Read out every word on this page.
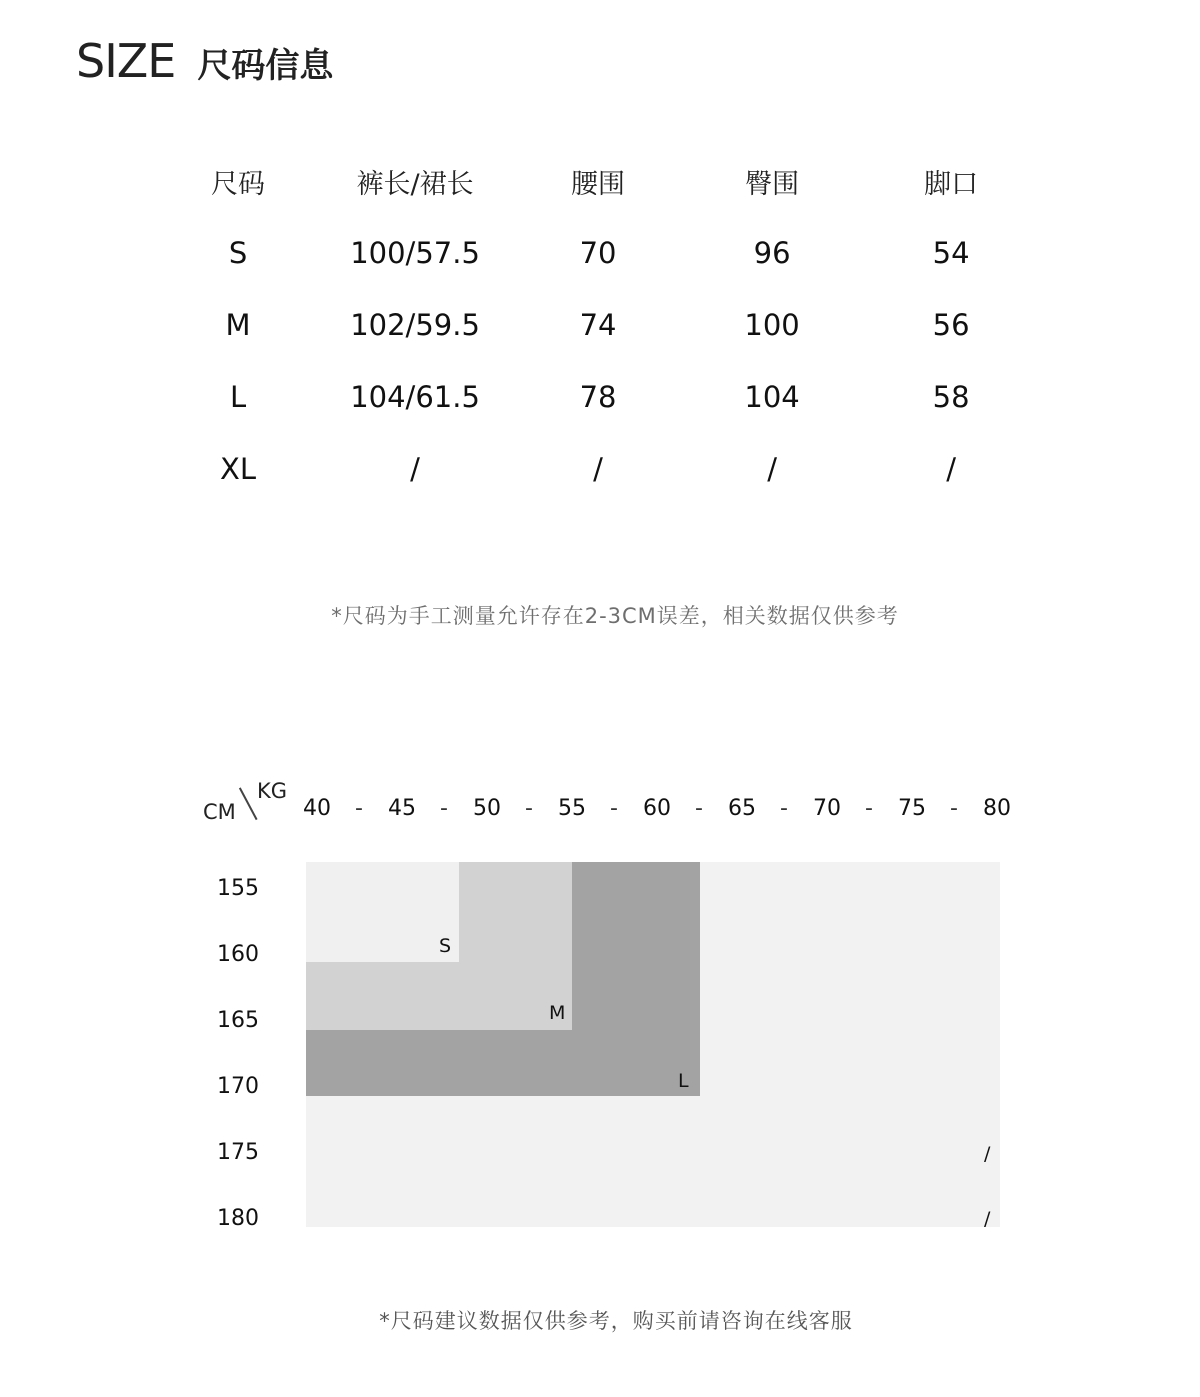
SIZE 尺码信息
尺码	裤长/裙长	腰围	臀围	脚口
S	100/57.5	70	96	54
M	102/59.5	74	100	56
L	104/61.5	78	104	58
XL	/	/	/	/
*尺码为手工测量允许存在2-3CM误差，相关数据仅供参考
CM
KG
40 - 45 - 50 - 55 - 60 - 65 - 70 - 75 - 80
155
160
165
170
175
180
S
M
L
/
/
*尺码建议数据仅供参考，购买前请咨询在线客服
